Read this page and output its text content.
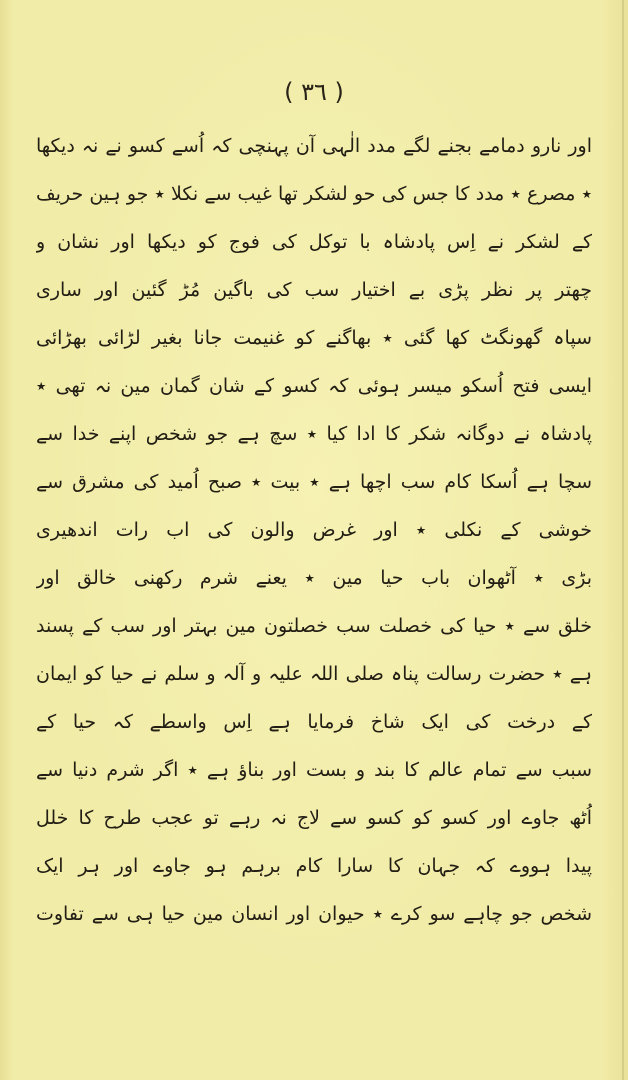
( ٣٦ )
اور نارو دمامے بجنے لگے مدد الٰہی آن پہنچی کہ اُسے کسو نے نہ دیکھا
٭ مصرع ٭ مدد کا جس کی حو لشکر تھا غیب سے نکلا ٭ جو ہین حریف
کے لشکر نے اِس پادشاہ با توکل کی فوج کو دیکھا اور نشان و
چھتر پر نظر پڑی بے اختیار سب کی باگین مُڑ گئین اور ساری
سپاہ گھونگٹ کھا گئی ٭ بھاگنے کو غنیمت جانا بغیر لڑائی بھڑائی
ایسی فتح اُسکو میسر ہوئی کہ کسو کے شان گمان مین نہ تھی ٭
پادشاہ نے دوگانہ شکر کا ادا کیا ٭ سچ ہے جو شخص اپنے خدا سے
سچا ہے اُسکا کام سب اچھا ہے ٭ بیت ٭ صبح اُمید کی مشرق سے
خوشی کے نکلی ٭ اور غرض والون کی اب رات اندھیری
بڑی ٭ آٹھوان باب حیا مین ٭ یعنے شرم رکھنی خالق اور
خلق سے ٭ حیا کی خصلت سب خصلتون مین بہتر اور سب کے پسند
ہے ٭ حضرت رسالت پناہ صلی اللہ علیہ و آلہ و سلم نے حیا کو ایمان
کے درخت کی ایک شاخ فرمایا ہے اِس واسطے کہ حیا کے
سبب سے تمام عالم کا بند و بست اور بناؤ ہے ٭ اگر شرم دنیا سے
اُٹھ جاوے اور کسو کو کسو سے لاج نہ رہے تو عجب طرح کا خلل
پیدا ہووے کہ جہان کا سارا کام برہم ہو جاوے اور ہر ایک
شخص جو چاہے سو کرے ٭ حیوان اور انسان مین حیا ہی سے تفاوت
